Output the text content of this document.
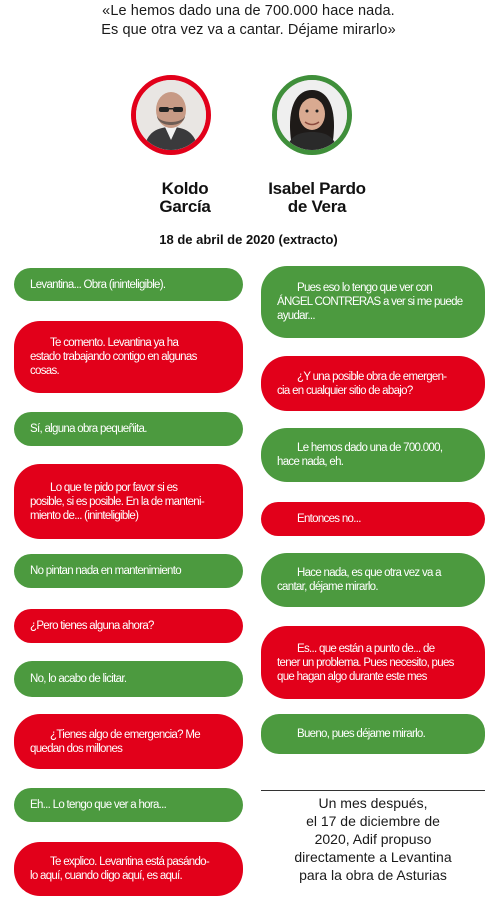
«Le hemos dado una de 700.000 hace nada.
Es que otra vez va a cantar. Déjame mirarlo»
Koldo
García
Isabel Pardo
de Vera
18 de abril de 2020 (extracto)
Levantina... Obra (ininteligible).
Te comento. Levantina ya ha
estado trabajando contigo en algunas
cosas.
Sí, alguna obra pequeñita.
Lo que te pido por favor si es
posible, si es posible. En la de manteni-
miento de... (ininteligible)
No pintan nada en mantenimiento
¿Pero tienes alguna ahora?
No, lo acabo de licitar.
¿Tienes algo de emergencia? Me
quedan dos millones
Eh... Lo tengo que ver a hora...
Te explico. Levantina está pasándo-
lo aquí, cuando digo aquí, es aquí.
Pues eso lo tengo que ver con
ÁNGEL CONTRERAS a ver si me puede
ayudar...
¿Y una posible obra de emergen-
cia en cualquier sitio de abajo?
Le hemos dado una de 700.000,
hace nada, eh.
Entonces no...
Hace nada, es que otra vez va a
cantar, déjame mirarlo.
Es... que están a punto de... de
tener un problema. Pues necesito, pues
que hagan algo durante este mes
Bueno, pues déjame mirarlo.
Un mes después,
el 17 de diciembre de
2020, Adif propuso
directamente a Levantina
para la obra de Asturias
